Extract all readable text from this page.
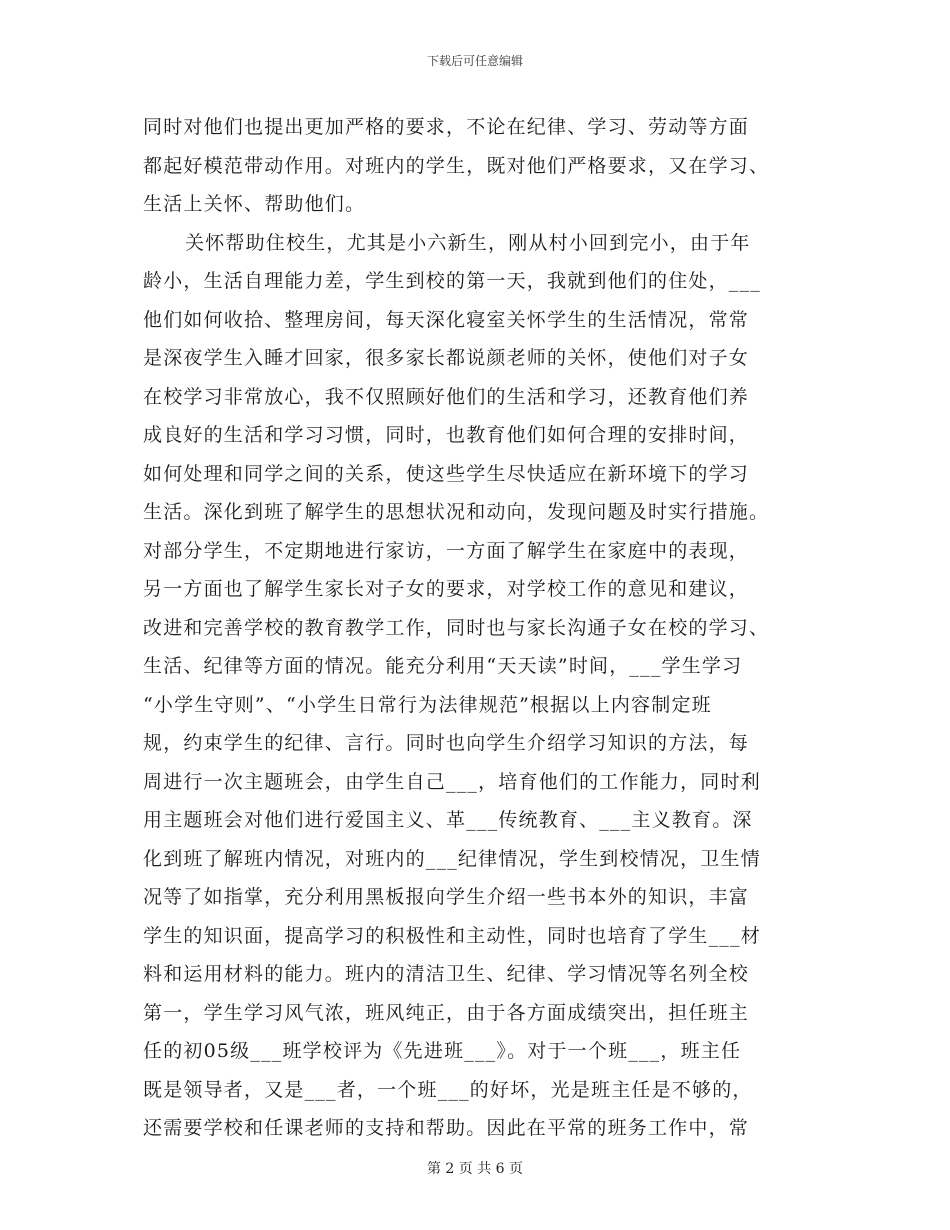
下载后可任意编辑
同时对他们也提出更加严格的要求，不论在纪律、学习、劳动等方面
都起好模范带动作用。对班内的学生，既对他们严格要求，又在学习、
生活上关怀、帮助他们。
关怀帮助住校生，尤其是小六新生，刚从村小回到完小，由于年
龄小，生活自理能力差，学生到校的第一天，我就到他们的住处，___
他们如何收拾、整理房间，每天深化寝室关怀学生的生活情况，常常
是深夜学生入睡才回家，很多家长都说颜老师的关怀，使他们对子女
在校学习非常放心，我不仅照顾好他们的生活和学习，还教育他们养
成良好的生活和学习习惯，同时，也教育他们如何合理的安排时间，
如何处理和同学之间的关系，使这些学生尽快适应在新环境下的学习
生活。深化到班了解学生的思想状况和动向，发现问题及时实行措施。
对部分学生，不定期地进行家访，一方面了解学生在家庭中的表现，
另一方面也了解学生家长对子女的要求，对学校工作的意见和建议，
改进和完善学校的教育教学工作，同时也与家长沟通子女在校的学习、
生活、纪律等方面的情况。能充分利用“天天读”时间，___学生学习
“小学生守则”、“小学生日常行为法律规范”根据以上内容制定班
规，约束学生的纪律、言行。同时也向学生介绍学习知识的方法，每
周进行一次主题班会，由学生自己___，培育他们的工作能力，同时利
用主题班会对他们进行爱国主义、革___传统教育、___主义教育。深
化到班了解班内情况，对班内的___纪律情况，学生到校情况，卫生情
况等了如指掌，充分利用黑板报向学生介绍一些书本外的知识，丰富
学生的知识面，提高学习的积极性和主动性，同时也培育了学生___材
料和运用材料的能力。班内的清洁卫生、纪律、学习情况等名列全校
第一，学生学习风气浓，班风纯正，由于各方面成绩突出，担任班主
任的初05级___班学校评为《先进班___》。对于一个班___，班主任
既是领导者，又是___者，一个班___的好坏，光是班主任是不够的，
还需要学校和任课老师的支持和帮助。因此在平常的班务工作中，常
第 2 页 共 6 页
